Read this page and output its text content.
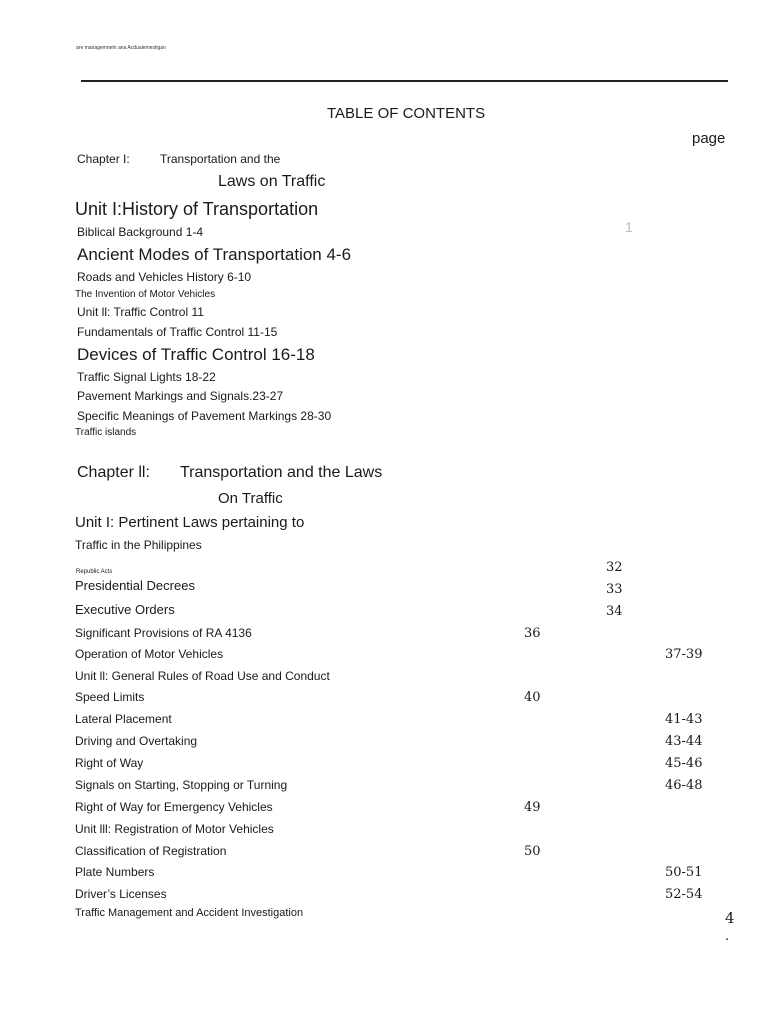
are managemnetn ana Acduaiemestigan
TABLE OF CONTENTS
page
Chapter I:	Transportation and the
Laws on Traffic
Unit I:History of Transportation
Biblical Background 1-4	1
Ancient Modes of Transportation 4-6
Roads and Vehicles History 6-10
The Invention of Motor Vehicles
Unit ll: Traffic Control 11
Fundamentals of Traffic Control 11-15
Devices of Traffic Control 16-18
Traffic Signal Lights 18-22
Pavement Markings and Signals.23-27
Specific Meanings of Pavement Markings 28-30
Traffic islands
Chapter ll: Transportation and the Laws
On Traffic
Unit I: Pertinent Laws pertaining to
Traffic in the Philippines
Republic Acts	32
Presidential Decrees	33
Executive Orders	34
Significant Provisions of RA 4136	36
Operation of Motor Vehicles	37-39
Unit ll: General Rules of Road Use and Conduct
Speed Limits	40
Lateral Placement	41-43
Driving and Overtaking	43-44
Right of Way	45-46
Signals on Starting, Stopping or Turning	46-48
Right of Way for Emergency Vehicles	49
Unit lll: Registration of Motor Vehicles
Classification of Registration	50
Plate Numbers	50-51
Driver’s Licenses	52-54
Traffic Management and Accident Investigation	4
.
